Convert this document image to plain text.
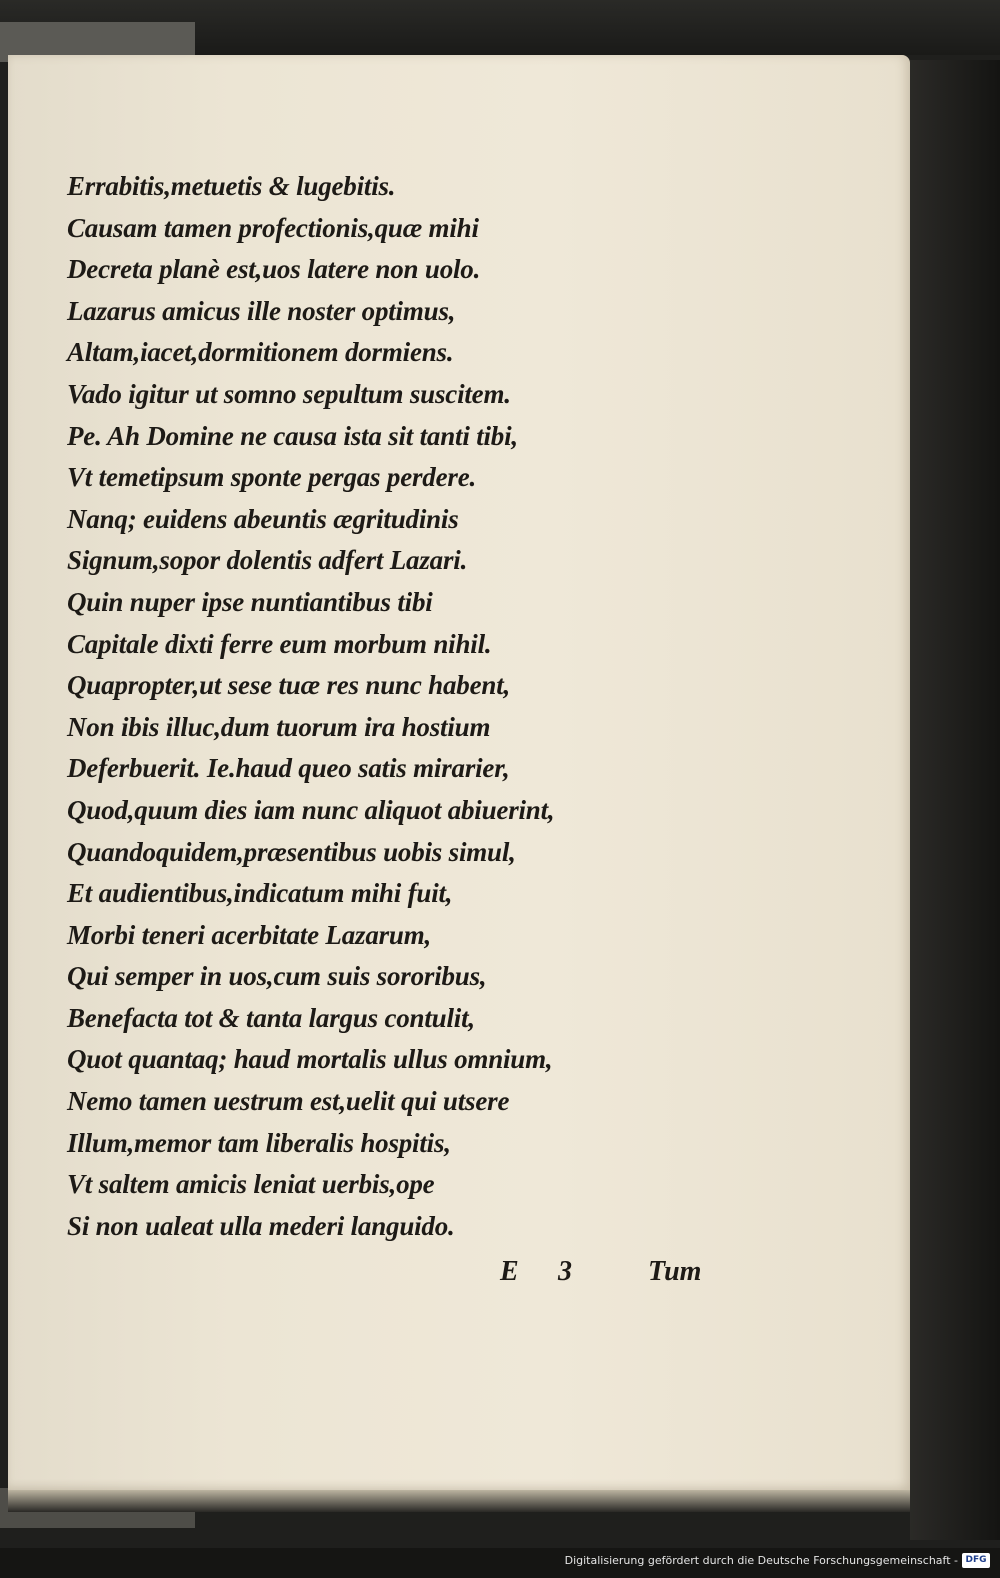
Errabitis,metuetis & lugebitis.
Causam tamen profectionis,quæ mihi
Decreta planè est,uos latere non uolo.
Lazarus amicus ille noster optimus,
Altam,iacet,dormitionem dormiens.
Vado igitur ut somno sepultum suscitem.
Pe. Ah Domine ne causa ista sit tanti tibi,
Vt temetipsum sponte pergas perdere.
Nanq; euidens abeuntis ægritudinis
Signum,sopor dolentis adfert Lazari.
Quin nuper ipse nuntiantibus tibi
Capitale dixti ferre eum morbum nihil.
Quapropter,ut sese tuæ res nunc habent,
Non ibis illuc,dum tuorum ira hostium
Deferbuerit. Ie.haud queo satis mirarier,
Quod,quum dies iam nunc aliquot abiuerint,
Quandoquidem,præsentibus uobis simul,
Et audientibus,indicatum mihi fuit,
Morbi teneri acerbitate Lazarum,
Qui semper in uos,cum suis sororibus,
Benefacta tot & tanta largus contulit,
Quot quantaq; haud mortalis ullus omnium,
Nemo tamen uestrum est,uelit qui utsere
Illum,memor tam liberalis hospitis,
Vt saltem amicis leniat uerbis,ope
Si non ualeat ulla mederi languido.
E 3	Tum
Digitalisierung gefördert durch die Deutsche Forschungsgemeinschaft - DFG
